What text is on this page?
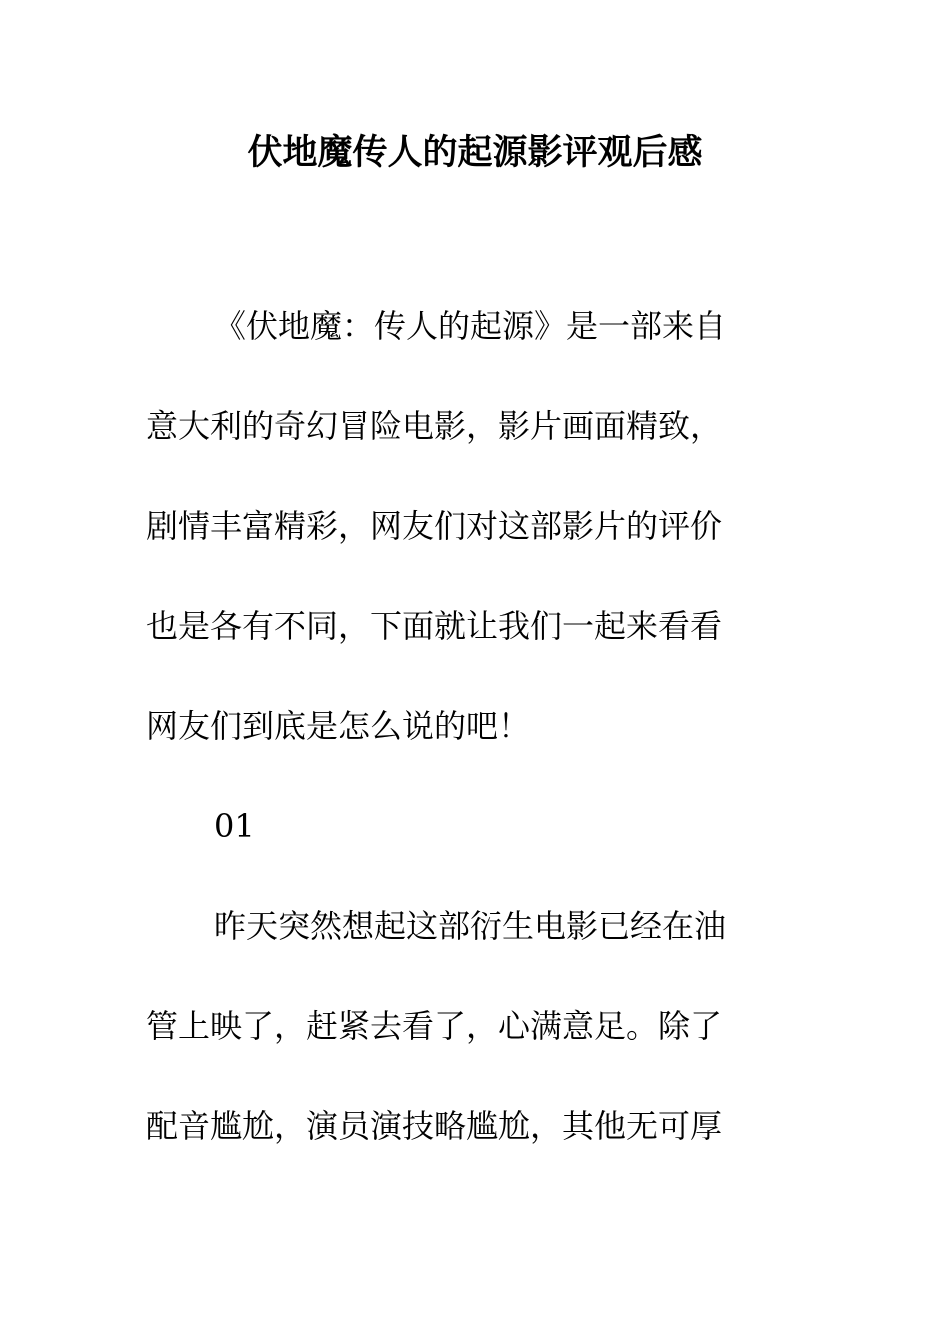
伏地魔传人的起源影评观后感
《伏地魔：传人的起源》是一部来自
意大利的奇幻冒险电影，影片画面精致，
剧情丰富精彩，网友们对这部影片的评价
也是各有不同，下面就让我们一起来看看
网友们到底是怎么说的吧！
01
昨天突然想起这部衍生电影已经在油
管上映了，赶紧去看了，心满意足。除了
配音尴尬，演员演技略尴尬，其他无可厚
